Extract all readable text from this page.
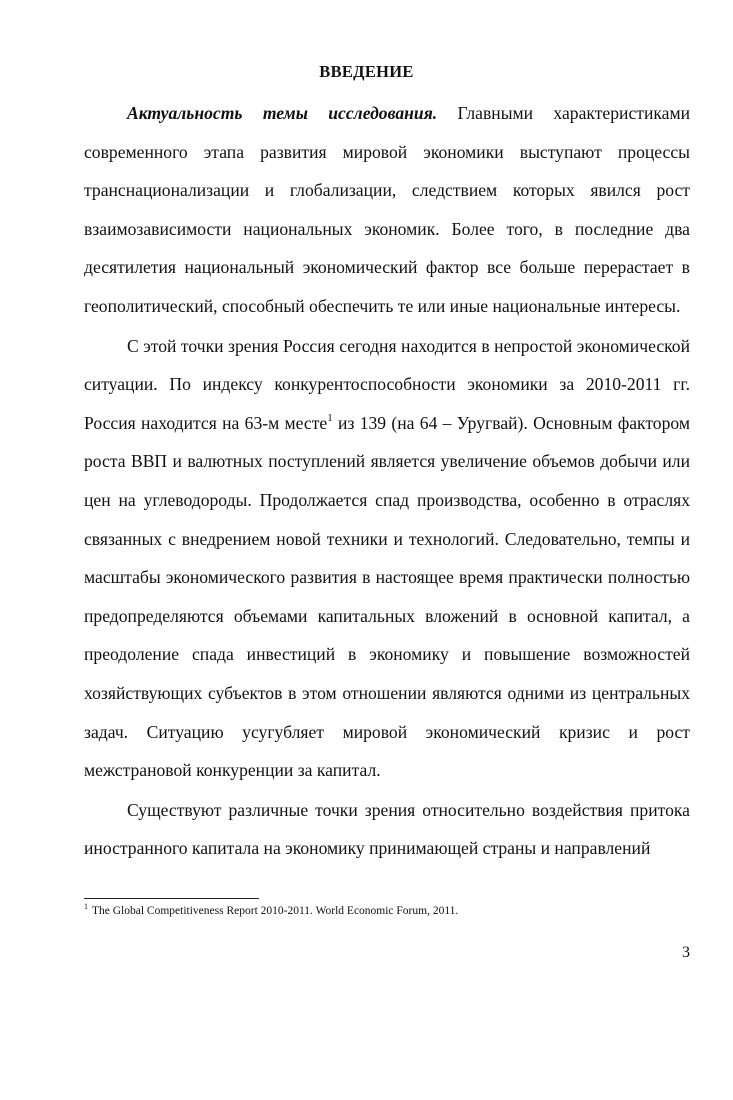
ВВЕДЕНИЕ

Актуальность темы исследования. Главными характеристиками современного этапа развития мировой экономики выступают процессы транснационализации и глобализации, следствием которых явился рост взаимозависимости национальных экономик. Более того, в последние два десятилетия национальный экономический фактор все больше перерастает в геополитический, способный обеспечить те или иные национальные интересы.

С этой точки зрения Россия сегодня находится в непростой экономической ситуации. По индексу конкурентоспособности экономики за 2010-2011 гг. Россия находится на 63-м месте$^1$ из 139 (на 64 – Уругвай). Основным фактором роста ВВП и валютных поступлений является увеличение объемов добычи или цен на углеводороды. Продолжается спад производства, особенно в отраслях связанных с внедрением новой техники и технологий. Следовательно, темпы и масштабы экономического развития в настоящее время практически полностью предопределяются объемами капитальных вложений в основной капитал, а преодоление спада инвестиций в экономику и повышение возможностей хозяйствующих субъектов в этом отношении являются одними из центральных задач. Ситуацию усугубляет мировой экономический кризис и рост межстрановой конкуренции за капитал.

Существуют различные точки зрения относительно воздействия притока иностранного капитала на экономику принимающей страны и направлений

$^1$ The Global Competitiveness Report 2010-2011. World Economic Forum, 2011.
3
